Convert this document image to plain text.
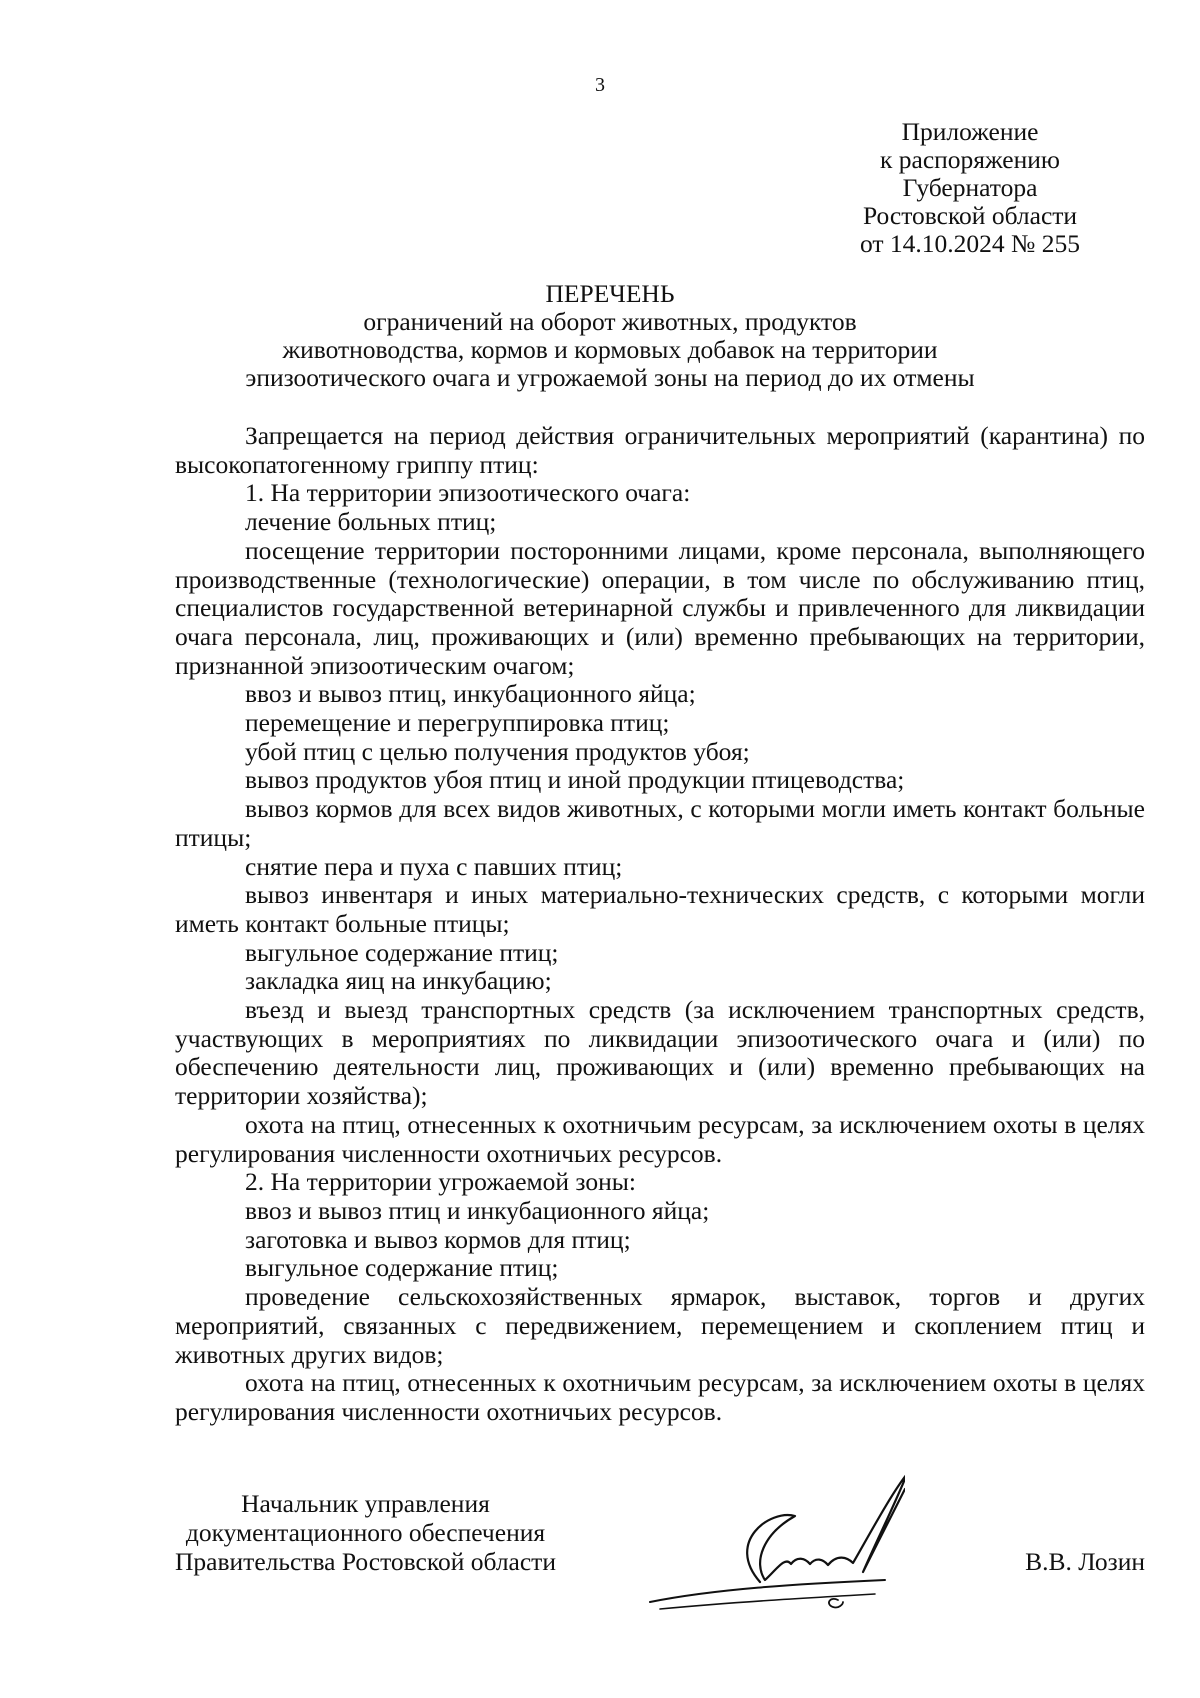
3
Приложение
к распоряжению
Губернатора
Ростовской области
от 14.10.2024 № 255
ПЕРЕЧЕНЬ
ограничений на оборот животных, продуктов
животноводства, кормов и кормовых добавок на территории
эпизоотического очага и угрожаемой зоны на период до их отмены

Запрещается на период действия ограничительных мероприятий (карантина) по высокопатогенному гриппу птиц:

1. На территории эпизоотического очага:

лечение больных птиц;

посещение территории посторонними лицами, кроме персонала, выполняющего производственные (технологические) операции, в том числе по обслуживанию птиц, специалистов государственной ветеринарной службы и привлеченного для ликвидации очага персонала, лиц, проживающих и (или) временно пребывающих на территории, признанной эпизоотическим очагом;

ввоз и вывоз птиц, инкубационного яйца;

перемещение и перегруппировка птиц;

убой птиц с целью получения продуктов убоя;

вывоз продуктов убоя птиц и иной продукции птицеводства;

вывоз кормов для всех видов животных, с которыми могли иметь контакт больные птицы;

снятие пера и пуха с павших птиц;

вывоз инвентаря и иных материально-технических средств, с которыми могли иметь контакт больные птицы;

выгульное содержание птиц;

закладка яиц на инкубацию;

въезд и выезд транспортных средств (за исключением транспортных средств, участвующих в мероприятиях по ликвидации эпизоотического очага и (или) по обеспечению деятельности лиц, проживающих и (или) временно пребывающих на территории хозяйства);

охота на птиц, отнесенных к охотничьим ресурсам, за исключением охоты в целях регулирования численности охотничьих ресурсов.

2. На территории угрожаемой зоны:

ввоз и вывоз птиц и инкубационного яйца;

заготовка и вывоз кормов для птиц;

выгульное содержание птиц;

проведение сельскохозяйственных ярмарок, выставок, торгов и других мероприятий, связанных с передвижением, перемещением и скоплением птиц и животных других видов;

охота на птиц, отнесенных к охотничьим ресурсам, за исключением охоты в целях регулирования численности охотничьих ресурсов.

Начальник управления
документационного обеспечения
Правительства Ростовской области	В.В. Лозин
